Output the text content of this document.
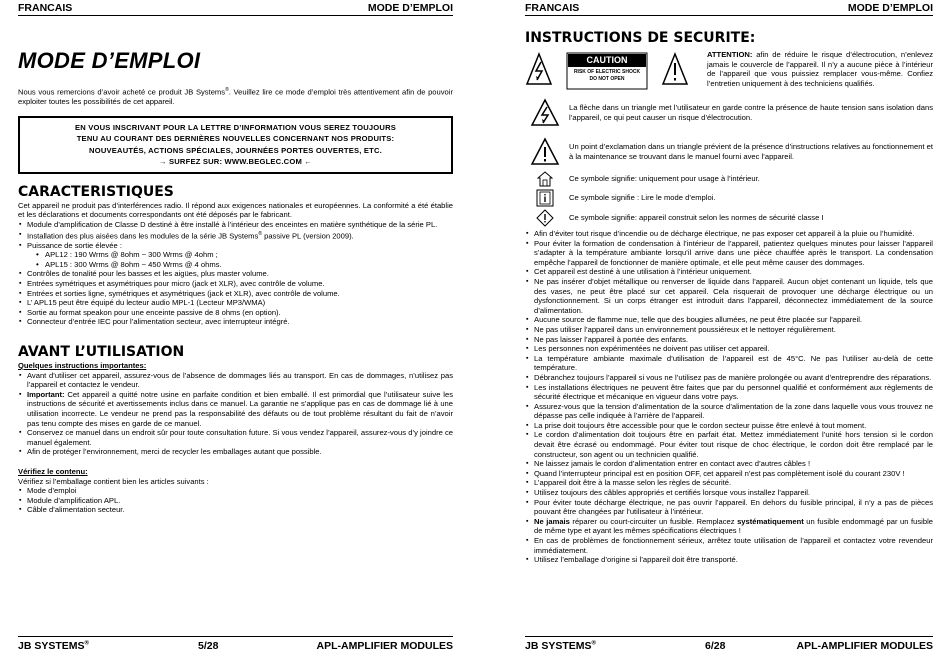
FRANCAIS	MODE D’EMPLOI
MODE D’EMPLOI

Nous vous remercions d’avoir acheté ce produit JB Systems®. Veuillez lire ce mode d’emploi très attentivement afin de pouvoir exploiter toutes les possibilités de cet appareil.

EN VOUS INSCRIVANT POUR LA LETTRE D’INFORMATION VOUS SEREZ TOUJOURS
TENU AU COURANT DES DERNIÈRES NOUVELLES CONCERNANT NOS PRODUITS:
NOUVEAUTÉS, ACTIONS SPÉCIALES, JOURNÉES PORTES OUVERTES, ETC.
→ SURFEZ SUR: WWW.BEGLEC.COM ←
CARACTERISTIQUES

Cet appareil ne produit pas d’interférences radio. Il répond aux exigences nationales et européennes. La conformité a été établie et les déclarations et documents correspondants ont été déposés par le fabricant.

▪ Module d’amplification de Classe D destiné à être installé à l’intérieur des enceintes en matière synthétique de la série PL.
▪ Installation des plus aisées dans les modules de la série JB Systems® passive PL (version 2009).
▪ Puissance de sortie élevée :
• APL12 : 190 Wrms @ 8ohm ~ 300 Wrms @ 4ohm ;
• APL15 : 300 Wrms @ 8ohm ~ 450 Wrms @ 4 ohms.
▪ Contrôles de tonalité pour les basses et les aigües, plus master volume.
▪ Entrées symétriques et asymétriques pour micro (jack et XLR), avec contrôle de volume.
▪ Entrées et sorties ligne, symétriques et asymétriques (jack et XLR), avec contrôle de volume.
▪ L’ APL15 peut être équipé du lecteur audio MPL-1 (Lecteur MP3/WMA)
▪ Sortie au format speakon pour une enceinte passive de 8 ohms (en option).
▪ Connecteur d’entrée IEC pour l’alimentation secteur, avec interrupteur intégré.
AVANT L’UTILISATION
Quelques instructions importantes:
▪ Avant d’utiliser cet appareil, assurez-vous de l’absence de dommages liés au transport. En cas de dommages, n’utilisez pas l’appareil et contactez le vendeur.
▪ Important: Cet appareil a quitté notre usine en parfaite condition et bien emballé. Il est primordial que l’utilisateur suive les instructions de sécurité et avertissements inclus dans ce manuel. La garantie ne s’applique pas en cas de dommage lié à une utilisation incorrecte. Le vendeur ne prend pas la responsabilité des défauts ou de tout problème résultant du fait de n’avoir pas tenu compte des mises en garde de ce manuel.
▪ Conservez ce manuel dans un endroit sûr pour toute consultation future. Si vous vendez l’appareil, assurez-vous d’y joindre ce manuel également.
▪ Afin de protéger l’environnement, merci de recycler les emballages autant que possible.
Vérifiez le contenu:

Vérifiez si l’emballage contient bien les articles suivants :

▪ Mode d’emploi
▪ Module d’amplification APL.
▪ Câble d’alimentation secteur.
JB SYSTEMS®	5/28	APL-AMPLIFIER MODULES
FRANCAIS	MODE D’EMPLOI
INSTRUCTIONS DE SECURITE:
CAUTION
RISK OF ELECTRIC SHOCK
DO NOT OPEN

ATTENTION: afin de réduire le risque d’électrocution, n’enlevez jamais le couvercle de l’appareil. Il n’y a aucune pièce à l’intérieur de l’appareil que vous puissiez remplacer vous-même. Confiez l’entretien uniquement à des techniciens qualifiés.

La flèche dans un triangle met l’utilisateur en garde contre la présence de haute tension sans isolation dans l’appareil, ce qui peut causer un risque d’électrocution.

Un point d’exclamation dans un triangle prévient de la présence d’instructions relatives au fonctionnement et à la maintenance se trouvant dans le manuel fourni avec l’appareil.

Ce symbole signifie: uniquement pour usage à l’intérieur.
Ce symbole signifie : Lire le mode d’emploi.
Ce symbole signifie: appareil construit selon les normes de sécurité classe I
▪ Afin d’éviter tout risque d’incendie ou de décharge électrique, ne pas exposer cet appareil à la pluie ou l’humidité.
▪ Pour éviter la formation de condensation à l’intérieur de l’appareil, patientez quelques minutes pour laisser l’appareil s’adapter à la température ambiante lorsqu’il arrive dans une pièce chauffée après le transport. La condensation empêche l’appareil de fonctionner de manière optimale, et elle peut même causer des dommages.
▪ Cet appareil est destiné à une utilisation à l’intérieur uniquement.
▪ Ne pas insérer d’objet métallique ou renverser de liquide dans l’appareil. Aucun objet contenant un liquide, tels que des vases, ne peut être placé sur cet appareil. Cela risquerait de provoquer une décharge électrique ou un dysfonctionnement. Si un corps étranger est introduit dans l’appareil, déconnectez immédiatement de la source d’alimentation.
▪ Aucune source de flamme nue, telle que des bougies allumées, ne peut être placée sur l’appareil.
▪ Ne pas utiliser l’appareil dans un environnement poussiéreux et le nettoyer régulièrement.
▪ Ne pas laisser l’appareil à portée des enfants.
▪ Les personnes non expérimentées ne doivent pas utiliser cet appareil.
▪ La température ambiante maximale d’utilisation de l’appareil est de 45°C. Ne pas l’utiliser au-delà de cette température.
▪ Débranchez toujours l’appareil si vous ne l’utilisez pas de manière prolongée ou avant d’entreprendre des réparations.
▪ Les installations électriques ne peuvent être faites que par du personnel qualifié et conformément aux règlements de sécurité électrique et mécanique en vigueur dans votre pays.
▪ Assurez-vous que la tension d’alimentation de la source d’alimentation de la zone dans laquelle vous vous trouvez ne dépasse pas celle indiquée à l’arrière de l’appareil.
▪ La prise doit toujours être accessible pour que le cordon secteur puisse être enlevé à tout moment.
▪ Le cordon d’alimentation doit toujours être en parfait état. Mettez immédiatement l’unité hors tension si le cordon devait être écrasé ou endommagé. Pour éviter tout risque de choc électrique, le cordon doit être remplacé par le constructeur, son agent ou un technicien qualifié.
▪ Ne laissez jamais le cordon d’alimentation entrer en contact avec d’autres câbles !
▪ Quand l’interrupteur principal est en position OFF, cet appareil n’est pas complètement isolé du courant 230V !
▪ L’appareil doit être à la masse selon les règles de sécurité.
▪ Utilisez toujours des câbles appropriés et certifiés lorsque vous installez l’appareil.
▪ Pour éviter toute décharge électrique, ne pas ouvrir l’appareil. En dehors du fusible principal, il n’y a pas de pièces pouvant être changées par l’utilisateur à l’intérieur.
▪ Ne jamais réparer ou court-circuiter un fusible. Remplacez systématiquement un fusible endommagé par un fusible de même type et ayant les mêmes spécifications électriques !
▪ En cas de problèmes de fonctionnement sérieux, arrêtez toute utilisation de l’appareil et contactez votre revendeur immédiatement.
▪ Utilisez l’emballage d’origine si l’appareil doit être transporté.
JB SYSTEMS®	6/28	APL-AMPLIFIER MODULES
